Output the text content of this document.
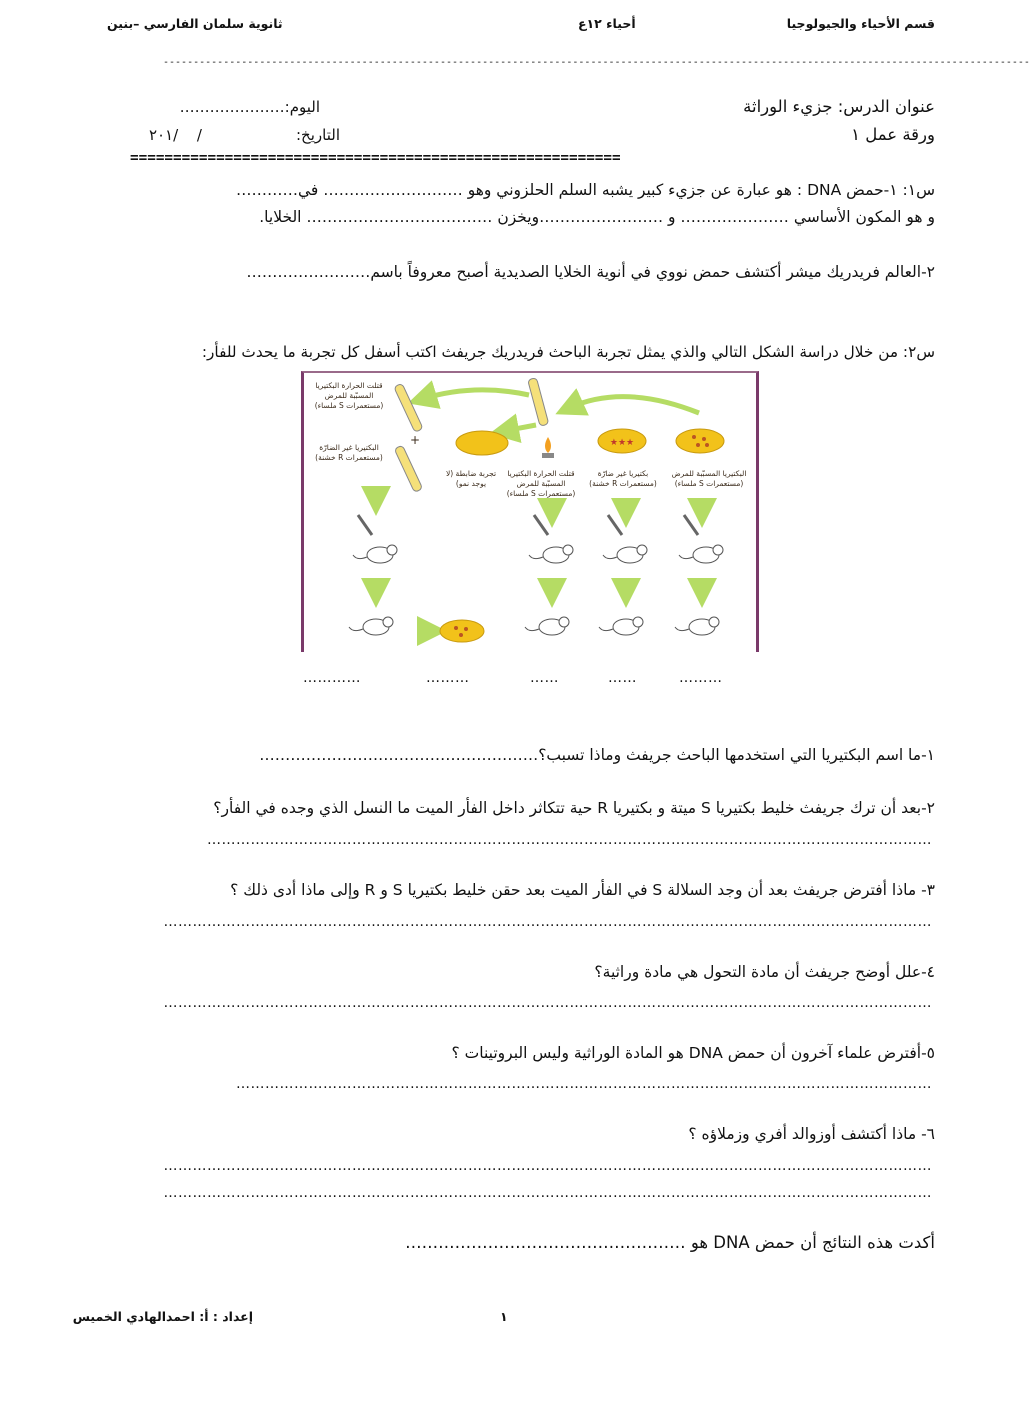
قسم الأحياء والجيولوجيا
أحياء ١٢ع
ثانوية سلمان الفارسي –بنين
------------------------------------------------------------------------------------------------------------------------------------------------
عنوان الدرس: جزيء الوراثة
اليوم:…………………
ورقة عمل ١
التاريخ:
/ /٢٠١
=========================================================
س١: ١-حمض DNA : هو عبارة عن جزيء كبير يشبه السلم الحلزوني وهو ……………………… في…………
و هو المكون الأساسي ………………… و ……………………ويخزن ……………………………… الخلايا.
٢-العالم فريدريك ميشر أكتشف حمض نووي في أنوية الخلايا الصديدية أصبح معروفاً باسم……………………
س٢: من خلال دراسة الشكل التالي والذي يمثل تجربة الباحث فريدريك جريفث اكتب أسفل كل تجربة ما يحدث للفأر:
★★★
قتلت الحرارة البكتيريا المسبّبة للمرض (مستعمرات S ملساء)
البكتيريا غير الضارّة (مستعمرات R خشنة)
+
تجربة ضابطة (لا يوجد نمو)
قتلت الحرارة البكتيريا المسبّبة للمرض (مستعمرات S ملساء)
بكتيريا غير ضارّة (مستعمرات R خشنة)
البكتيريا المسبّبة للمرض (مستعمرات S ملساء)
…………	………	……	……	………
١-ما اسم البكتيريا التي استخدمها الباحث جريفث وماذا تسبب؟………………………………………………
٢-بعد أن ترك جريفث خليط بكتيريا S ميتة و بكتيريا R حية تتكاثر داخل الفأر الميت ما النسل الذي وجده في الفأر؟
……………………………………………………………………………………………………………………………………
٣- ماذا أفترض جريفث بعد أن وجد السلالة S في الفأر الميت بعد حقن خليط بكتيريا S و R وإلى ماذا أدى ذلك ؟
……………………………………………………………………………………………………………………………………………
٤-علل أوضح جريفث أن مادة التحول هي مادة وراثية؟
……………………………………………………………………………………………………………………………………………
٥-أفترض علماء آخرون أن حمض DNA هو المادة الوراثية وليس البروتينات ؟
………………………………………………………………………………………………………………………………
٦- ماذا أكتشف أوزوالد أفري وزملاؤه ؟
……………………………………………………………………………………………………………………………………………
……………………………………………………………………………………………………………………………………………
أكدت هذه النتائج أن حمض DNA هو ……………………………………………
إعداد : أ: احمدالهادي الخميس	١
